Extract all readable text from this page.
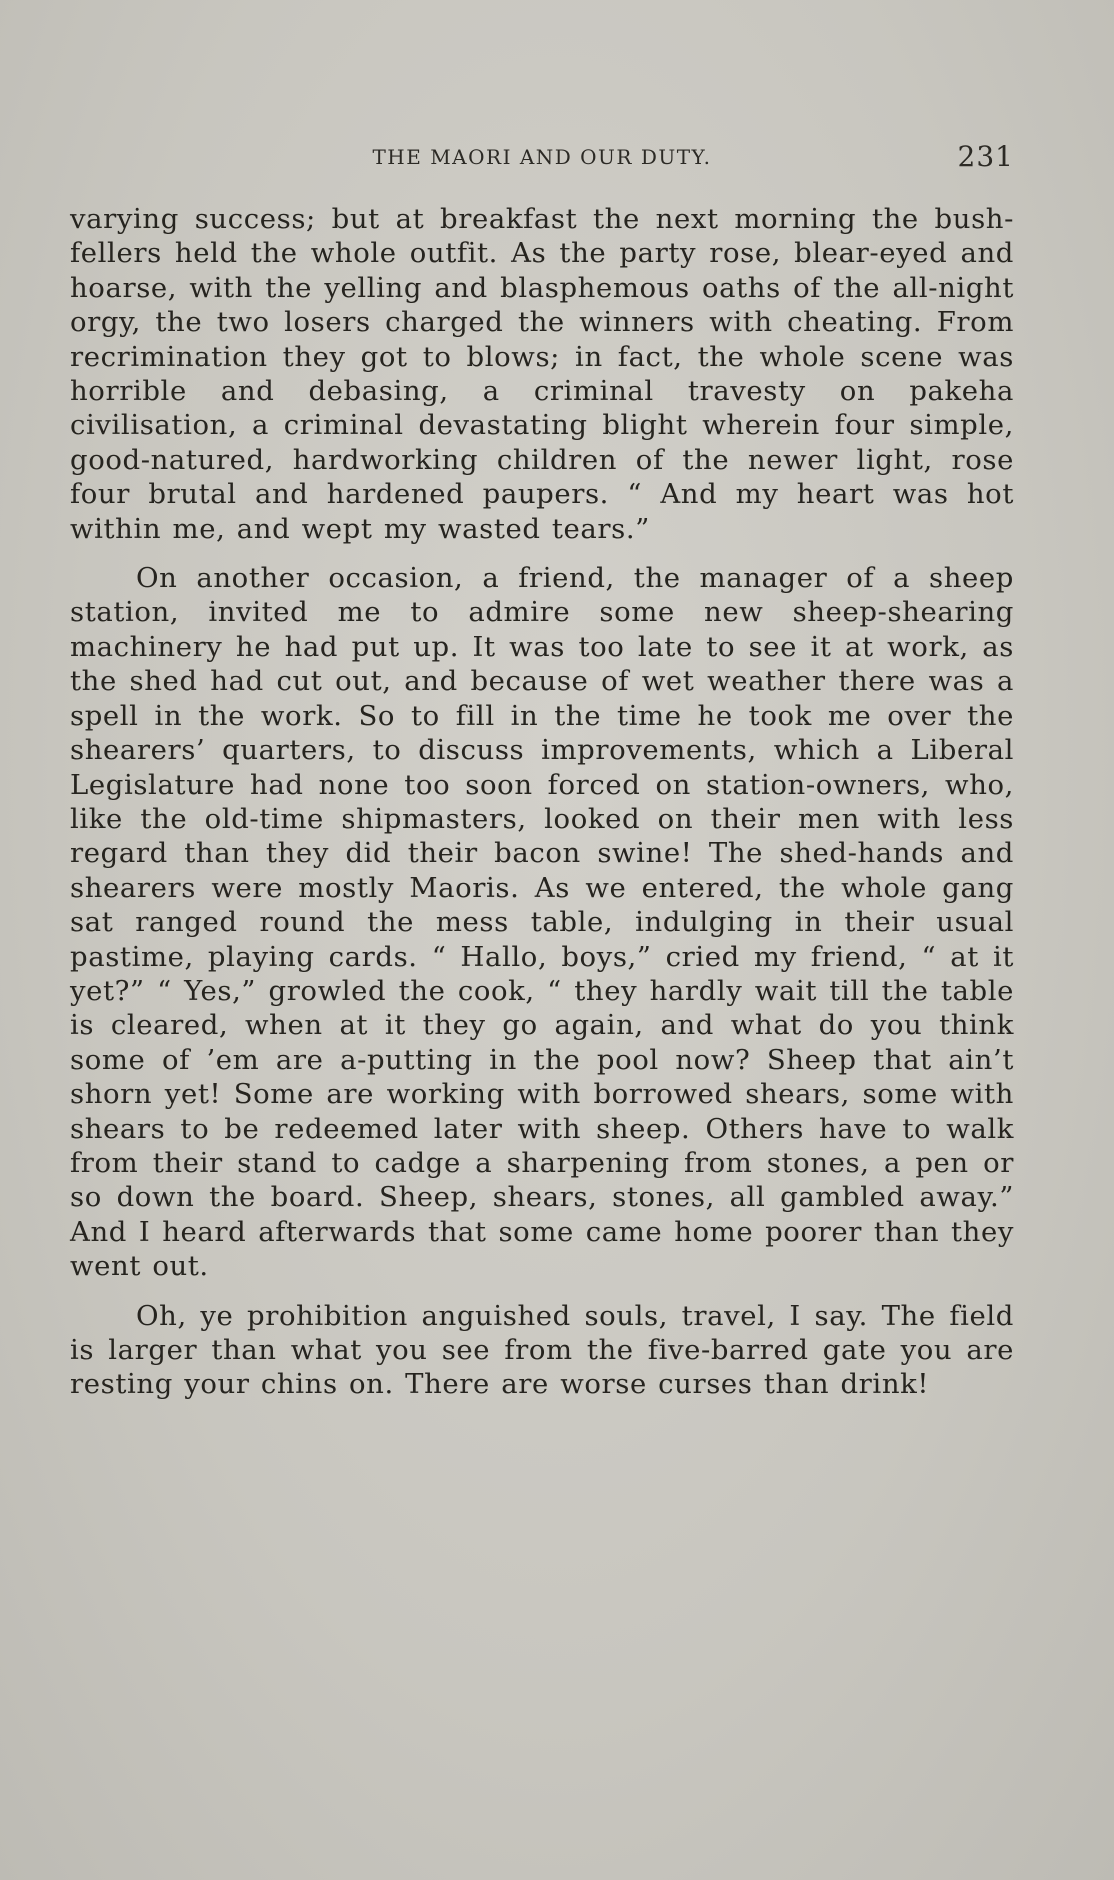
THE MAORI AND OUR DUTY.	231

varying success; but at breakfast the next morning the bush-fellers held the whole outfit. As the party rose, blear-eyed and hoarse, with the yelling and blasphemous oaths of the all-night orgy, the two losers charged the winners with cheating. From recrimination they got to blows; in fact, the whole scene was horrible and debasing, a criminal travesty on pakeha civilisation, a criminal devastating blight wherein four simple, good-natured, hardworking children of the newer light, rose four brutal and hardened paupers. “ And my heart was hot within me, and wept my wasted tears.”

On another occasion, a friend, the manager of a sheep station, invited me to admire some new sheep-shearing machinery he had put up. It was too late to see it at work, as the shed had cut out, and because of wet weather there was a spell in the work. So to fill in the time he took me over the shearers’ quarters, to discuss improvements, which a Liberal Legislature had none too soon forced on station-owners, who, like the old-time shipmasters, looked on their men with less regard than they did their bacon swine! The shed-hands and shearers were mostly Maoris. As we entered, the whole gang sat ranged round the mess table, indulging in their usual pastime, playing cards. “ Hallo, boys,” cried my friend, “ at it yet?” “ Yes,” growled the cook, “ they hardly wait till the table is cleared, when at it they go again, and what do you think some of ’em are a-putting in the pool now? Sheep that ain’t shorn yet! Some are working with borrowed shears, some with shears to be redeemed later with sheep. Others have to walk from their stand to cadge a sharpening from stones, a pen or so down the board. Sheep, shears, stones, all gambled away.” And I heard afterwards that some came home poorer than they went out.

Oh, ye prohibition anguished souls, travel, I say. The field is larger than what you see from the five-barred gate you are resting your chins on. There are worse curses than drink!
